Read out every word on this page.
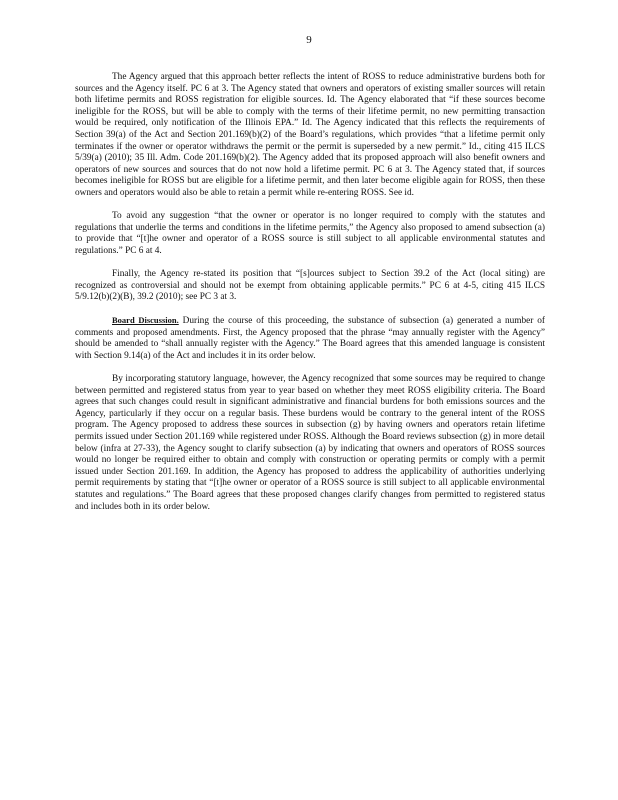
9

The Agency argued that this approach better reflects the intent of ROSS to reduce administrative burdens both for sources and the Agency itself. PC 6 at 3. The Agency stated that owners and operators of existing smaller sources will retain both lifetime permits and ROSS registration for eligible sources. Id. The Agency elaborated that “if these sources become ineligible for the ROSS, but will be able to comply with the terms of their lifetime permit, no new permitting transaction would be required, only notification of the Illinois EPA.” Id. The Agency indicated that this reflects the requirements of Section 39(a) of the Act and Section 201.169(b)(2) of the Board’s regulations, which provides “that a lifetime permit only terminates if the owner or operator withdraws the permit or the permit is superseded by a new permit.” Id., citing 415 ILCS 5/39(a) (2010); 35 Ill. Adm. Code 201.169(b)(2). The Agency added that its proposed approach will also benefit owners and operators of new sources and sources that do not now hold a lifetime permit. PC 6 at 3. The Agency stated that, if sources becomes ineligible for ROSS but are eligible for a lifetime permit, and then later become eligible again for ROSS, then these owners and operators would also be able to retain a permit while re-entering ROSS. See id.

To avoid any suggestion “that the owner or operator is no longer required to comply with the statutes and regulations that underlie the terms and conditions in the lifetime permits,” the Agency also proposed to amend subsection (a) to provide that “[t]he owner and operator of a ROSS source is still subject to all applicable environmental statutes and regulations.” PC 6 at 4.

Finally, the Agency re-stated its position that “[s]ources subject to Section 39.2 of the Act (local siting) are recognized as controversial and should not be exempt from obtaining applicable permits.” PC 6 at 4-5, citing 415 ILCS 5/9.12(b)(2)(B), 39.2 (2010); see PC 3 at 3.

Board Discussion. During the course of this proceeding, the substance of subsection (a) generated a number of comments and proposed amendments. First, the Agency proposed that the phrase “may annually register with the Agency” should be amended to “shall annually register with the Agency.” The Board agrees that this amended language is consistent with Section 9.14(a) of the Act and includes it in its order below.

By incorporating statutory language, however, the Agency recognized that some sources may be required to change between permitted and registered status from year to year based on whether they meet ROSS eligibility criteria. The Board agrees that such changes could result in significant administrative and financial burdens for both emissions sources and the Agency, particularly if they occur on a regular basis. These burdens would be contrary to the general intent of the ROSS program. The Agency proposed to address these sources in subsection (g) by having owners and operators retain lifetime permits issued under Section 201.169 while registered under ROSS. Although the Board reviews subsection (g) in more detail below (infra at 27-33), the Agency sought to clarify subsection (a) by indicating that owners and operators of ROSS sources would no longer be required either to obtain and comply with construction or operating permits or comply with a permit issued under Section 201.169. In addition, the Agency has proposed to address the applicability of authorities underlying permit requirements by stating that “[t]he owner or operator of a ROSS source is still subject to all applicable environmental statutes and regulations.” The Board agrees that these proposed changes clarify changes from permitted to registered status and includes both in its order below.
